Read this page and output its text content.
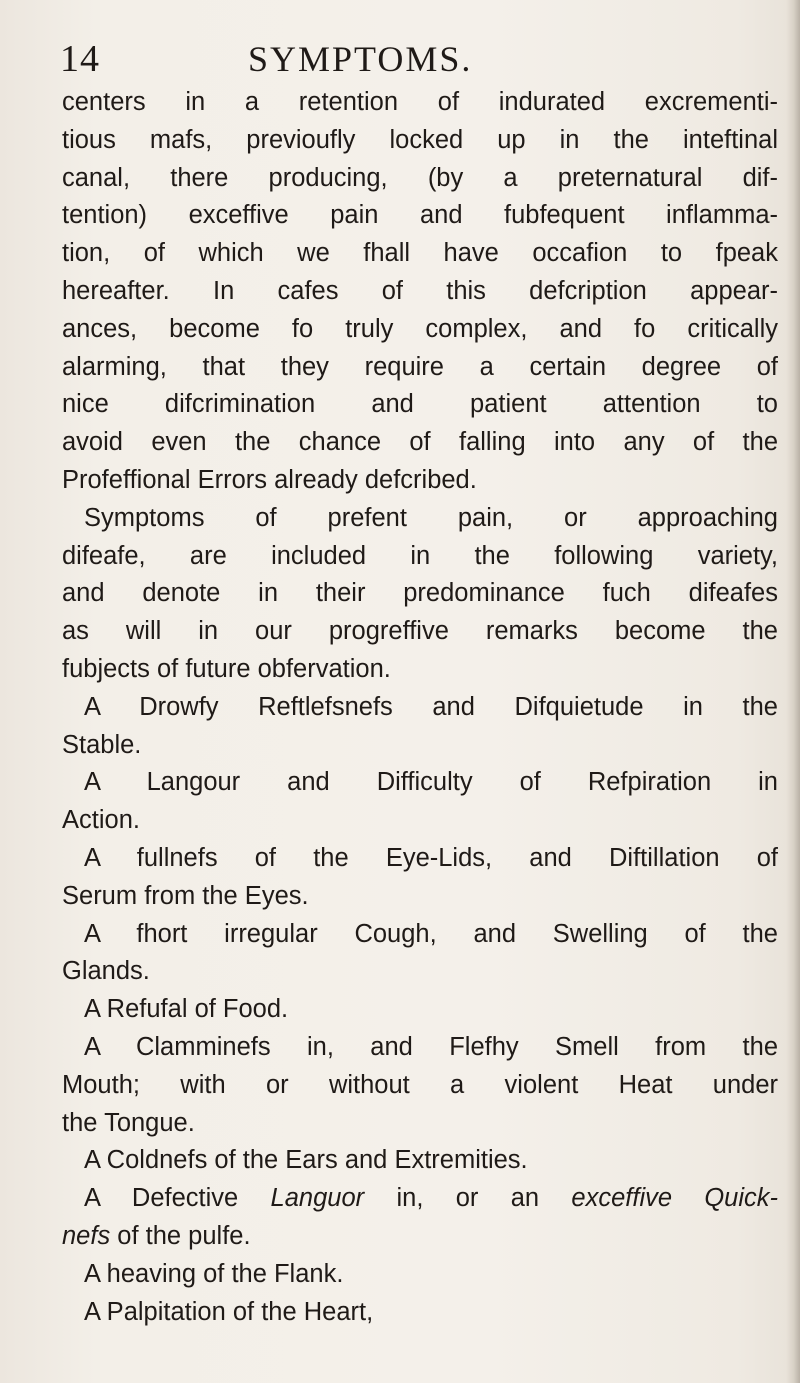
14	SYMPTOMS.
centers in a retention of indurated excrementi-
tious mafs, previoufly locked up in the inteftinal
canal, there producing, (by a preternatural dif-
tention) exceffive pain and fubfequent inflamma-
tion, of which we fhall have occafion to fpeak
hereafter. In cafes of this defcription appear-
ances, become fo truly complex, and fo critically
alarming, that they require a certain degree of
nice difcrimination and patient attention to
avoid even the chance of falling into any of the
Profeffional Errors already defcribed.
Symptoms of prefent pain, or approaching
difeafe, are included in the following variety,
and denote in their predominance fuch difeafes
as will in our progreffive remarks become the
fubjects of future obfervation.
A Drowfy Reftlefsnefs and Difquietude in the
Stable.
A Langour and Difficulty of Refpiration in
Action.
A fullnefs of the Eye-Lids, and Diftillation of
Serum from the Eyes.
A fhort irregular Cough, and Swelling of the
Glands.
A Refufal of Food.
A Clamminefs in, and Flefhy Smell from the
Mouth; with or without a violent Heat under
the Tongue.
A Coldnefs of the Ears and Extremities.
A Defective Languor in, or an exceffive Quick-
nefs of the pulfe.
A heaving of the Flank.
A Palpitation of the Heart,
